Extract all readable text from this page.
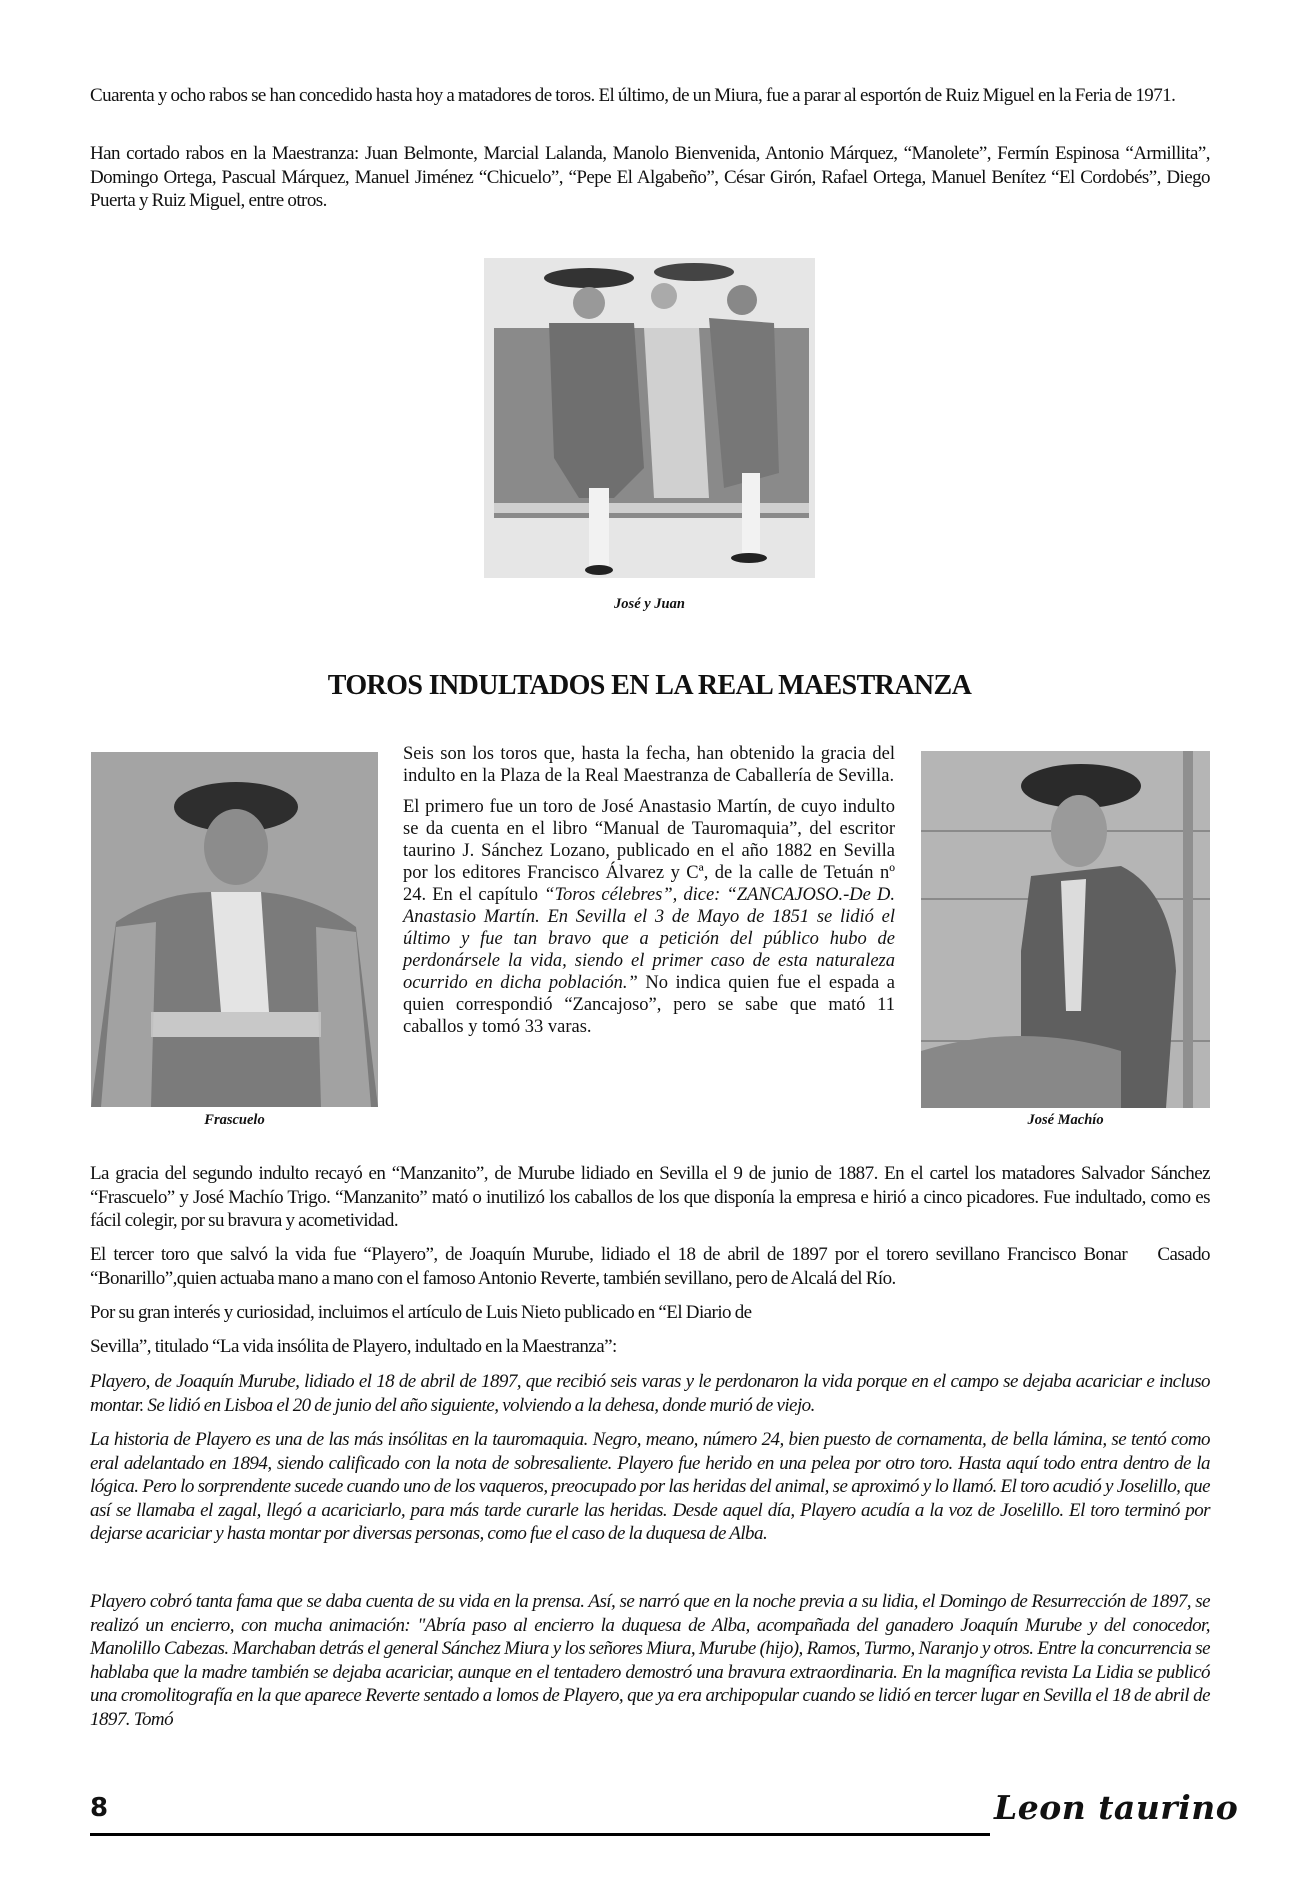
Cuarenta y ocho rabos se han concedido hasta hoy a matadores de toros. El último, de un Miura, fue a parar al esportón de Ruiz Miguel en la Feria de 1971.

Han cortado rabos en la Maestranza: Juan Belmonte, Marcial Lalanda, Manolo Bienvenida, Antonio Márquez, “Manolete”, Fermín Espinosa “Armillita”, Domingo Ortega, Pascual Márquez, Manuel Jiménez “Chicuelo”, “Pepe El Algabeño”, César Girón, Rafael Ortega, Manuel Benítez “El Cordobés”, Diego Puerta y Ruiz Miguel, entre otros.

José y Juan

TOROS INDULTADOS EN LA REAL MAESTRANZA

Frascuelo

Seis son los toros que, hasta la fecha, han obtenido la gracia del indulto en la Plaza de la Real Maestranza de Caballería de Sevilla.

El primero fue un toro de José Anastasio Martín, de cuyo indulto se da cuenta en el libro “Manual de Tauromaquia”, del escritor taurino J. Sánchez Lozano, publicado en el año 1882 en Sevilla por los editores Francisco Álvarez y Cª, de la calle de Tetuán nº 24. En el capítulo “Toros célebres”, dice: “ZANCAJOSO.-De D. Anastasio Martín. En Sevilla el 3 de Mayo de 1851 se lidió el último y fue tan bravo que a petición del público hubo de perdonársele la vida, siendo el primer caso de esta naturaleza ocurrido en dicha población.” No indica quien fue el espada a quien correspondió “Zancajoso”, pero se sabe que mató 11 caballos y tomó 33 varas.

José Machío

La gracia del segundo indulto recayó en “Manzanito”, de Murube lidiado en Sevilla el 9 de junio de 1887. En el cartel los matadores Salvador Sánchez “Frascuelo” y José Machío Trigo. “Manzanito” mató o inutilizó los caballos de los que disponía la empresa e hirió a cinco picadores. Fue indultado, como es fácil colegir, por su bravura y acometividad.

El tercer toro que salvó la vida fue “Playero”, de Joaquín Murube, lidiado el 18 de abril de 1897 por el torero sevillano Francisco Bonar    Casado “Bonarillo”,quien actuaba mano a mano con el famoso Antonio Reverte, también sevillano, pero de Alcalá del Río.

Por su gran interés y curiosidad, incluimos el artículo de Luis Nieto publicado en “El Diario de

Sevilla”, titulado “La vida insólita de Playero, indultado en la Maestranza”:

Playero, de Joaquín Murube, lidiado el 18 de abril de 1897, que recibió seis varas y le perdonaron la vida porque en el campo se dejaba acariciar e incluso montar. Se lidió en Lisboa el 20 de junio del año siguiente, volviendo a la dehesa, donde murió de viejo.

La historia de Playero es una de las más insólitas en la tauromaquia. Negro, meano, número 24, bien puesto de cornamenta, de bella lámina, se tentó como eral adelantado en 1894, siendo calificado con la nota de sobresaliente. Playero fue herido en una pelea por otro toro. Hasta aquí todo entra dentro de la lógica. Pero lo sorprendente sucede cuando uno de los vaqueros, preocupado por las heridas del animal, se aproximó y lo llamó. El toro acudió y Joselillo, que así se llamaba el zagal, llegó a acariciarlo, para más tarde curarle las heridas. Desde aquel día, Playero acudía a la voz de Joselillo. El toro terminó por dejarse acariciar y hasta montar por diversas personas, como fue el caso de la duquesa de Alba.

Playero cobró tanta fama que se daba cuenta de su vida en la prensa. Así, se narró que en la noche previa a su lidia, el Domingo de Resurrección de 1897, se realizó un encierro, con mucha animación: "Abría paso al encierro la duquesa de Alba, acompañada del ganadero Joaquín Murube y del conocedor, Manolillo Cabezas. Marchaban detrás el general Sánchez Miura y los señores Miura, Murube (hijo), Ramos, Turmo, Naranjo y otros. Entre la concurrencia se hablaba que la madre también se dejaba acariciar, aunque en el tentadero demostró una bravura extraordinaria. En la magnífica revista La Lidia se publicó una cromolitografía en la que aparece Reverte sentado a lomos de Playero, que ya era archipopular cuando se lidió en tercer lugar en Sevilla el 18 de abril de 1897. Tomó

8	Leon taurino
